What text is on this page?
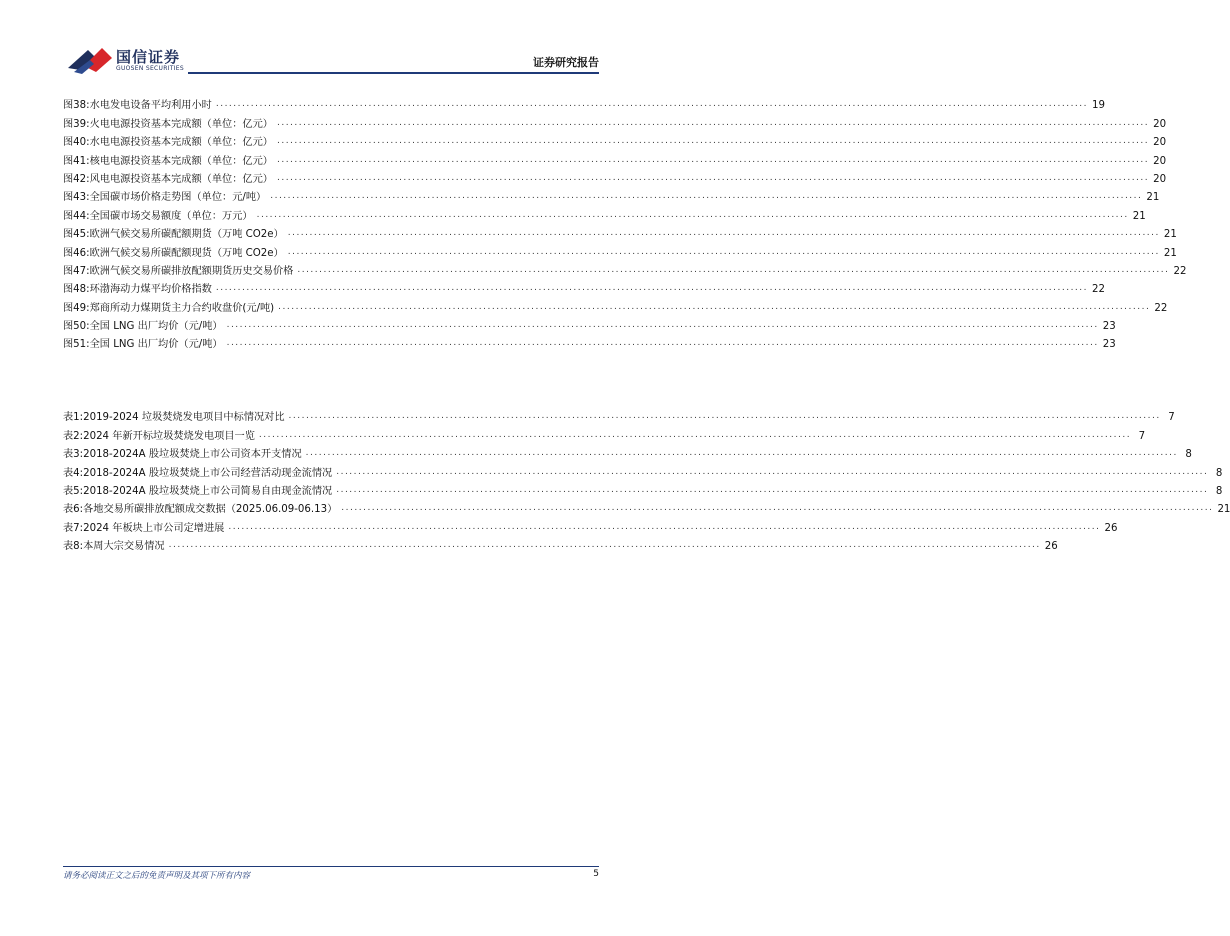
国信证券
GUOSEN SECURITIES	证券研究报告
图38: 水电发电设备平均利用小时 ........................................................................................................................................................................................................ 19
图39: 火电电源投资基本完成额（单位：亿元） ........................................................................................................................................................................................................ 20
图40: 水电电源投资基本完成额（单位：亿元） ........................................................................................................................................................................................................ 20
图41: 核电电源投资基本完成额（单位：亿元） ........................................................................................................................................................................................................ 20
图42: 风电电源投资基本完成额（单位：亿元） ........................................................................................................................................................................................................ 20
图43: 全国碳市场价格走势图（单位：元/吨） ........................................................................................................................................................................................................ 21
图44: 全国碳市场交易额度（单位：万元） ........................................................................................................................................................................................................ 21
图45: 欧洲气候交易所碳配额期货（万吨 CO2e） ........................................................................................................................................................................................................ 21
图46: 欧洲气候交易所碳配额现货（万吨 CO2e） ........................................................................................................................................................................................................ 21
图47: 欧洲气候交易所碳排放配额期货历史交易价格 ........................................................................................................................................................................................................ 22
图48: 环渤海动力煤平均价格指数 ........................................................................................................................................................................................................ 22
图49: 郑商所动力煤期货主力合约收盘价(元/吨) ........................................................................................................................................................................................................ 22
图50: 全国 LNG 出厂均价（元/吨） ........................................................................................................................................................................................................ 23
图51: 全国 LNG 出厂均价（元/吨） ........................................................................................................................................................................................................ 23
表1: 2019-2024 垃圾焚烧发电项目中标情况对比 ........................................................................................................................................................................................................ 7
表2: 2024 年新开标垃圾焚烧发电项目一览 ........................................................................................................................................................................................................ 7
表3: 2018-2024A 股垃圾焚烧上市公司资本开支情况 ........................................................................................................................................................................................................ 8
表4: 2018-2024A 股垃圾焚烧上市公司经营活动现金流情况 ........................................................................................................................................................................................................ 8
表5: 2018-2024A 股垃圾焚烧上市公司简易自由现金流情况 ........................................................................................................................................................................................................ 8
表6: 各地交易所碳排放配额成交数据（2025.06.09-06.13） ........................................................................................................................................................................................................ 21
表7: 2024 年板块上市公司定增进展 ........................................................................................................................................................................................................ 26
表8: 本周大宗交易情况 ........................................................................................................................................................................................................ 26
请务必阅读正文之后的免责声明及其项下所有内容	5
